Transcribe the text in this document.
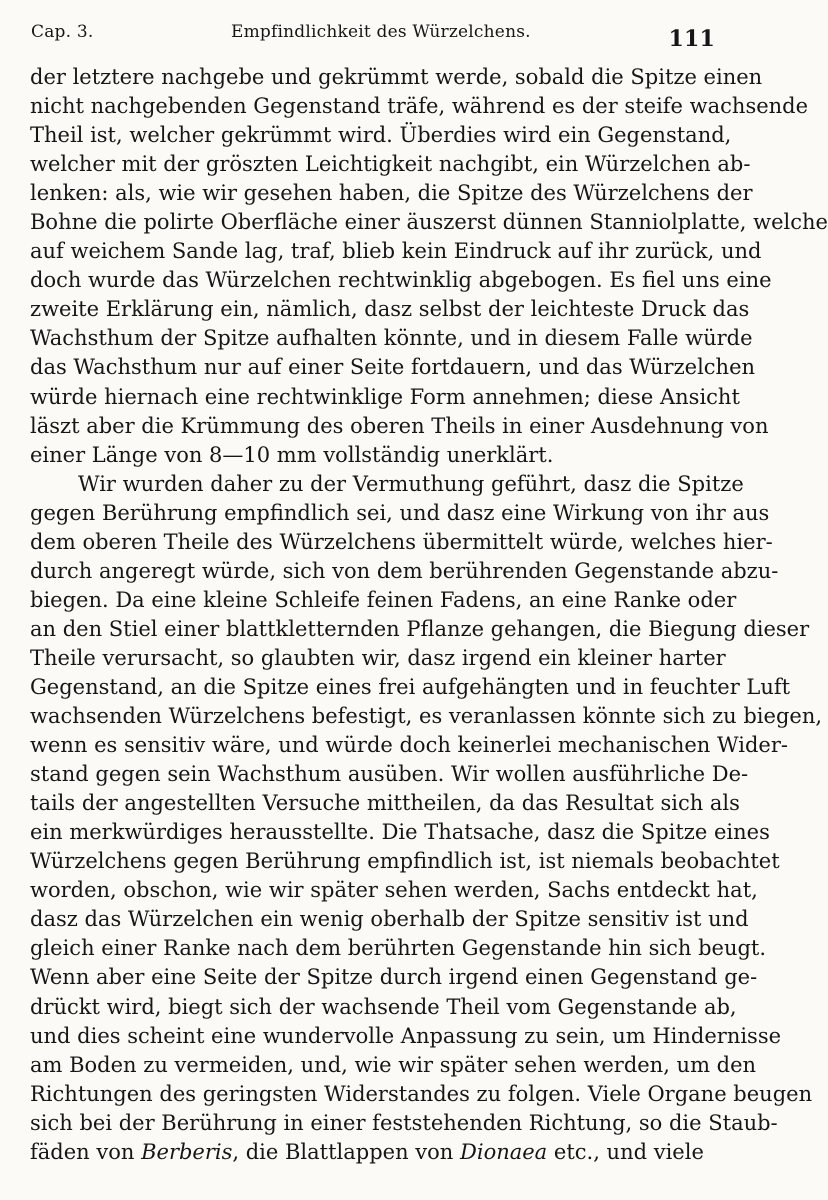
Cap. 3.	Empfindlichkeit des Würzelchens.	111
der letztere nachgebe und gekrümmt werde, sobald die Spitze einen
nicht nachgebenden Gegenstand träfe, während es der steife wachsende
Theil ist, welcher gekrümmt wird. Überdies wird ein Gegenstand,
welcher mit der gröszten Leichtigkeit nachgibt, ein Würzelchen ab-
lenken: als, wie wir gesehen haben, die Spitze des Würzelchens der
Bohne die polirte Oberfläche einer äuszerst dünnen Stanniolplatte, welche
auf weichem Sande lag, traf, blieb kein Eindruck auf ihr zurück, und
doch wurde das Würzelchen rechtwinklig abgebogen. Es fiel uns eine
zweite Erklärung ein, nämlich, dasz selbst der leichteste Druck das
Wachsthum der Spitze aufhalten könnte, und in diesem Falle würde
das Wachsthum nur auf einer Seite fortdauern, und das Würzelchen
würde hiernach eine rechtwinklige Form annehmen; diese Ansicht
läszt aber die Krümmung des oberen Theils in einer Ausdehnung von
einer Länge von 8—10 mm vollständig unerklärt.
Wir wurden daher zu der Vermuthung geführt, dasz die Spitze
gegen Berührung empfindlich sei, und dasz eine Wirkung von ihr aus
dem oberen Theile des Würzelchens übermittelt würde, welches hier-
durch angeregt würde, sich von dem berührenden Gegenstande abzu-
biegen. Da eine kleine Schleife feinen Fadens, an eine Ranke oder
an den Stiel einer blattkletternden Pflanze gehangen, die Biegung dieser
Theile verursacht, so glaubten wir, dasz irgend ein kleiner harter
Gegenstand, an die Spitze eines frei aufgehängten und in feuchter Luft
wachsenden Würzelchens befestigt, es veranlassen könnte sich zu biegen,
wenn es sensitiv wäre, und würde doch keinerlei mechanischen Wider-
stand gegen sein Wachsthum ausüben. Wir wollen ausführliche De-
tails der angestellten Versuche mittheilen, da das Resultat sich als
ein merkwürdiges herausstellte. Die Thatsache, dasz die Spitze eines
Würzelchens gegen Berührung empfindlich ist, ist niemals beobachtet
worden, obschon, wie wir später sehen werden, Sachs entdeckt hat,
dasz das Würzelchen ein wenig oberhalb der Spitze sensitiv ist und
gleich einer Ranke nach dem berührten Gegenstande hin sich beugt.
Wenn aber eine Seite der Spitze durch irgend einen Gegenstand ge-
drückt wird, biegt sich der wachsende Theil vom Gegenstande ab,
und dies scheint eine wundervolle Anpassung zu sein, um Hindernisse
am Boden zu vermeiden, und, wie wir später sehen werden, um den
Richtungen des geringsten Widerstandes zu folgen. Viele Organe beugen
sich bei der Berührung in einer feststehenden Richtung, so die Staub-
fäden von Berberis, die Blattlappen von Dionaea etc., und viele
